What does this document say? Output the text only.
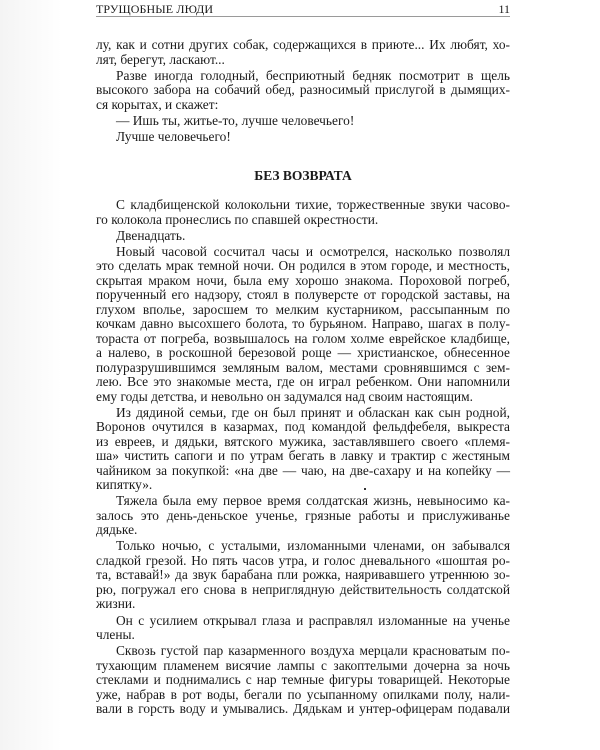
ТРУЩОБНЫЕ ЛЮДИ	11
лу, как и сотни других собак, содержащихся в приюте... Их любят, хо-
лят, берегут, ласкают...
Разве иногда голодный, бесприютный бедняк посмотрит в щель
высокого забора на собачий обед, разносимый прислугой в дымящих-
ся корытах, и скажет:
— Ишь ты, житье-то, лучше человечьего!
Лучше человечьего!
БЕЗ ВОЗВРАТА
С кладбищенской колокольни тихие, торжественные звуки часово-
го колокола пронеслись по спавшей окрестности.
Двенадцать.
Новый часовой сосчитал часы и осмотрелся, насколько позволял
это сделать мрак темной ночи. Он родился в этом городе, и местность,
скрытая мраком ночи, была ему хорошо знакома. Пороховой погреб,
порученный его надзору, стоял в полуверсте от городской заставы, на
глухом вполье, заросшем то мелким кустарником, рассыпанным по
кочкам давно высохшего болота, то бурьяном. Направо, шагах в полу-
тораста от погреба, возвышалось на голом холме еврейское кладбище,
а налево, в роскошной березовой роще — христианское, обнесенное
полуразрушившимся земляным валом, местами сровнявшимся с зем-
лею. Все это знакомые места, где он играл ребенком. Они напомнили
ему годы детства, и невольно он задумался над своим настоящим.
Из дядиной семьи, где он был принят и обласкан как сын родной,
Воронов очутился в казармах, под командой фельдфебеля, выкреста
из евреев, и дядьки, вятского мужика, заставлявшего своего «племя-
ша» чистить сапоги и по утрам бегать в лавку и трактир с жестяным
чайником за покупкой: «на две — чаю, на две-сахару и на копейку —
кипятку».
Тяжела была ему первое время солдатская жизнь, невыносимо ка-
залось это день-деньское ученье, грязные работы и прислуживанье
дядьке.
Только ночью, с усталыми, изломанными членами, он забывался
сладкой грезой. Но пять часов утра, и голос дневального «шоштая ро-
та, вставай!» да звук барабана пли рожка, наяривавшего утреннюю зо-
рю, погружал его снова в неприглядную действительность солдатской
жизни.
Он с усилием открывал глаза и расправлял изломанные на ученье
члены.
Сквозь густой пар казарменного воздуха мерцали красноватым по-
тухающим пламенем висячие лампы с закоптелыми дочерна за ночь
стеклами и поднимались с нар темные фигуры товарищей. Некоторые
уже, набрав в рот воды, бегали по усыпанному опилками полу, нали-
вали в горсть воду и умывались. Дядькам и унтер-офицерам подавали
